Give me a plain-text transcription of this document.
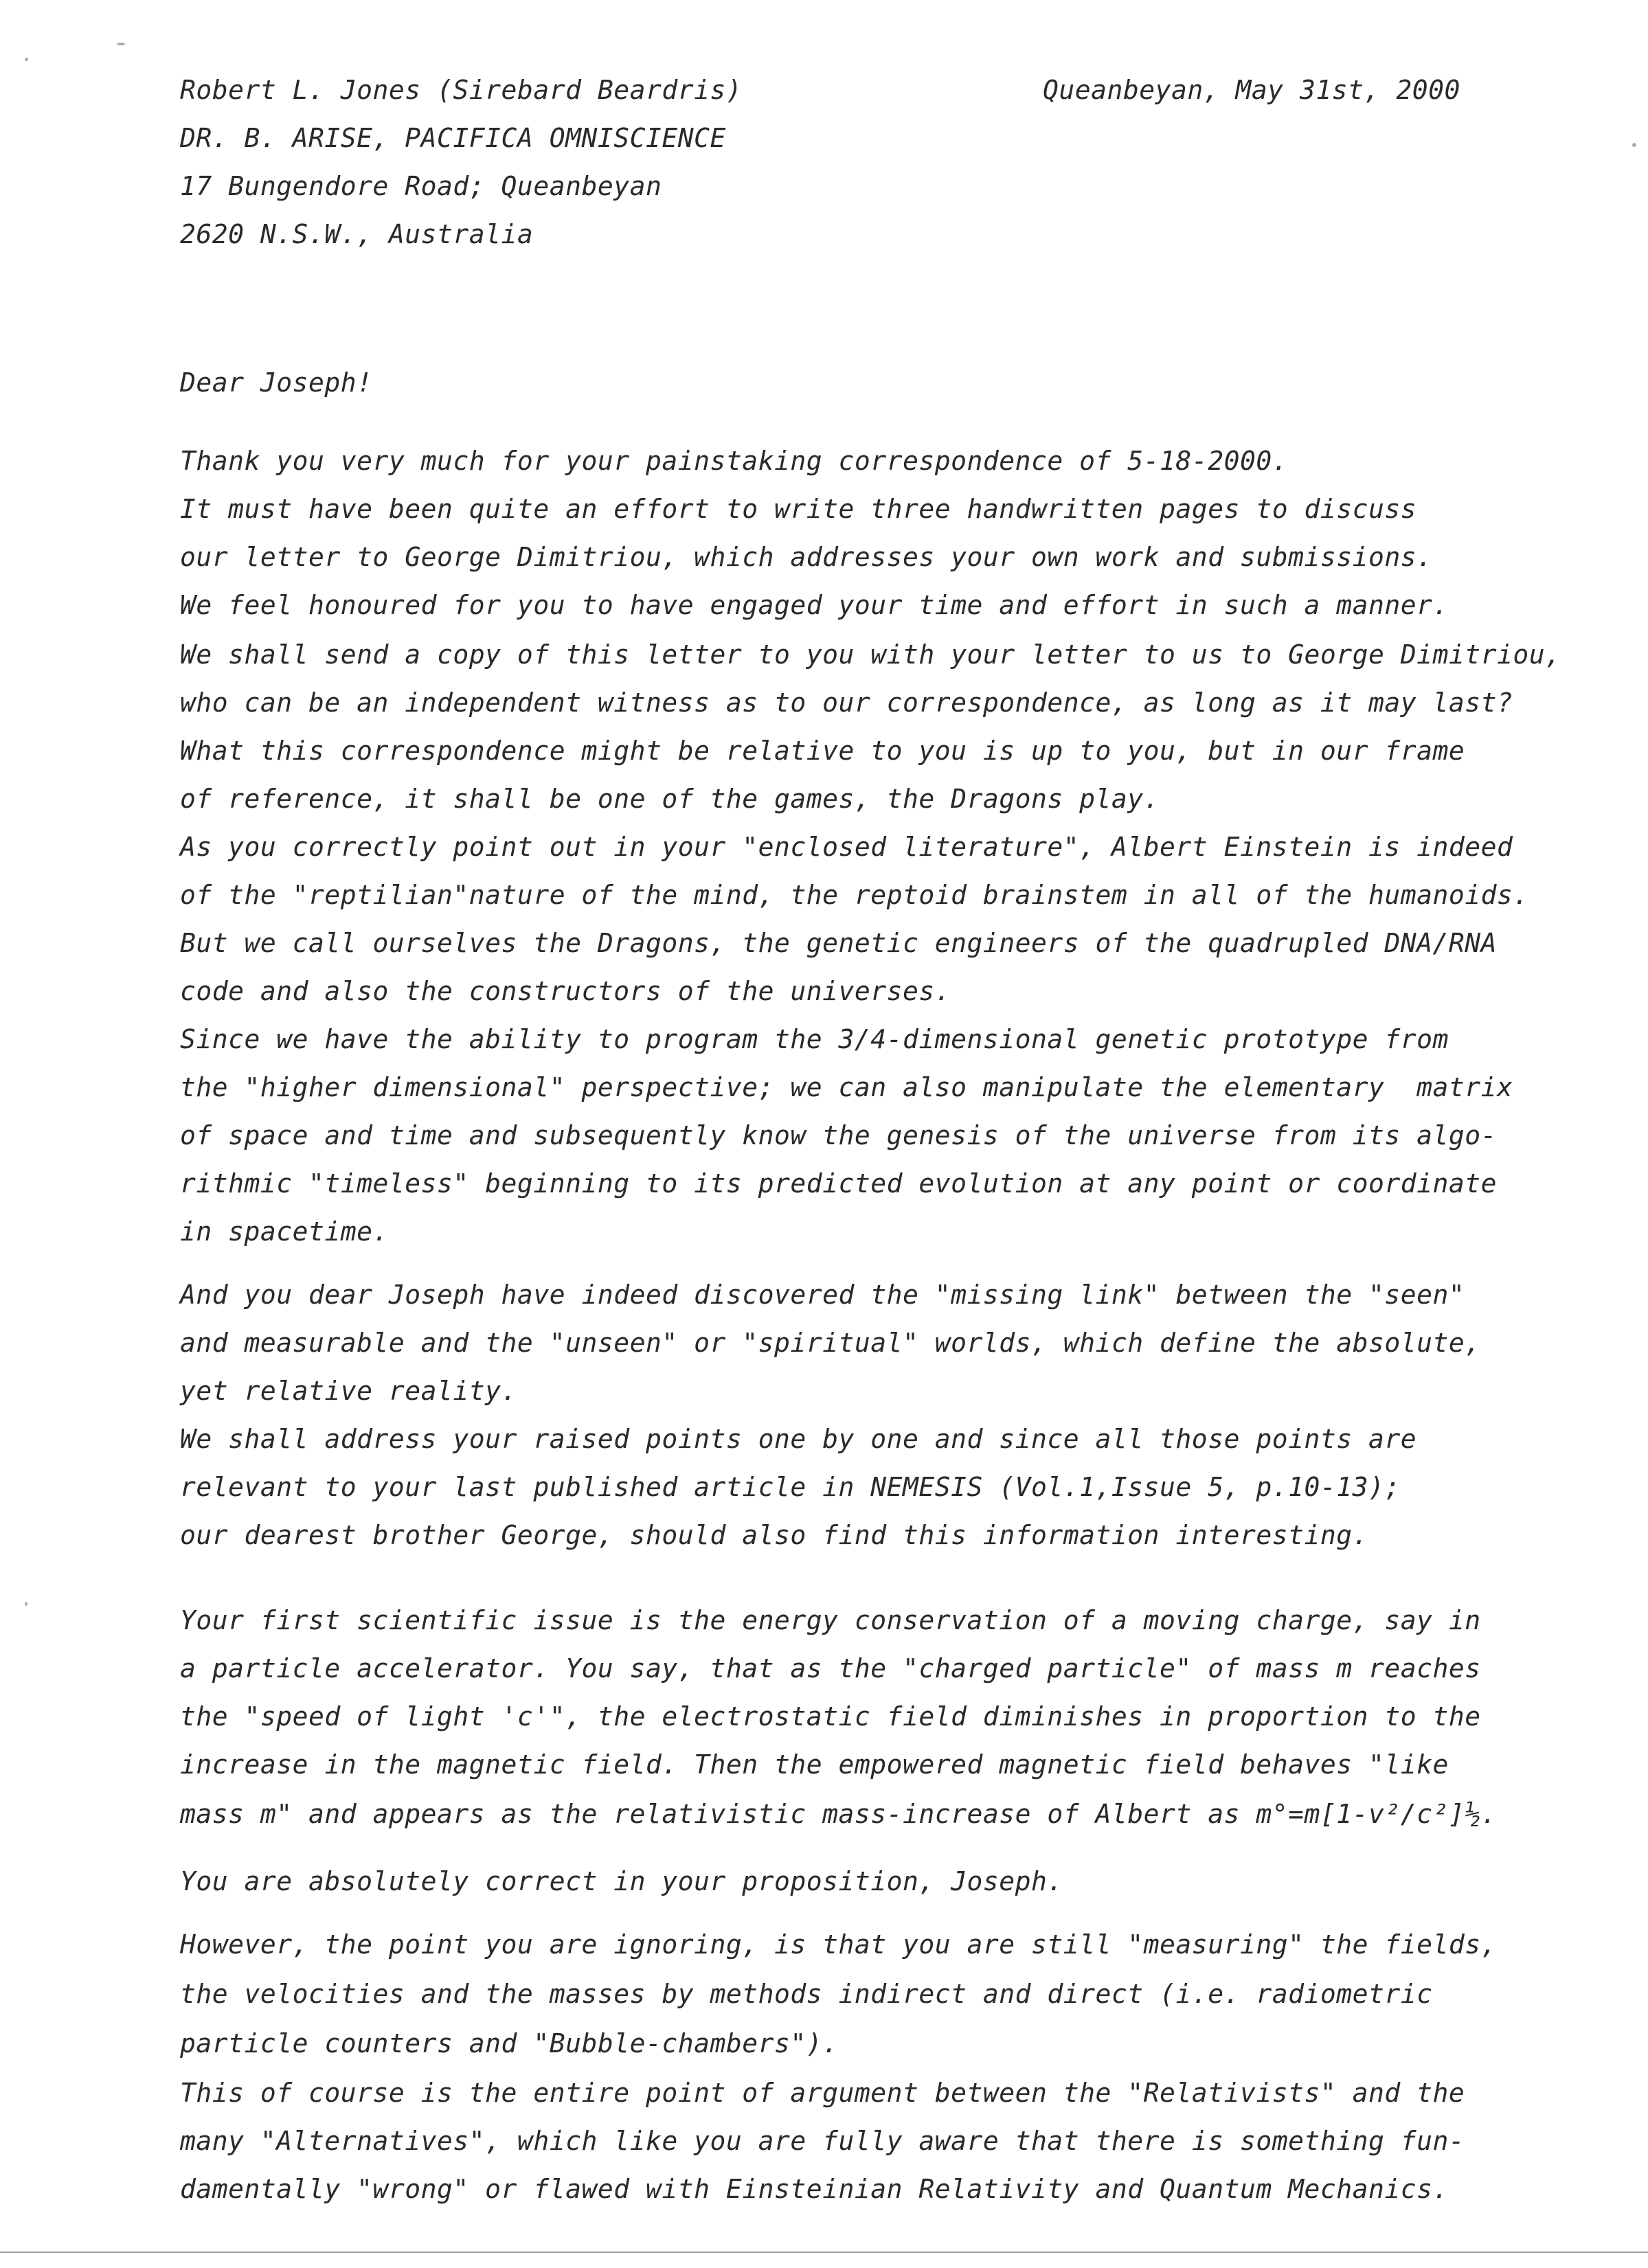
Robert L. Jones (Sirebard Beardris)
DR. B. ARISE, PACIFICA OMNISCIENCE
17 Bungendore Road; Queanbeyan
2620 N.S.W., Australia
Queanbeyan, May 31st, 2000
Dear Joseph!
Thank you very much for your painstaking correspondence of 5-18-2000.
It must have been quite an effort to write three handwritten pages to discuss
our letter to George Dimitriou, which addresses your own work and submissions.
We feel honoured for you to have engaged your time and effort in such a manner.
We shall send a copy of this letter to you with your letter to us to George Dimitriou,
who can be an independent witness as to our correspondence, as long as it may last?
What this correspondence might be relative to you is up to you, but in our frame
of reference, it shall be one of the games, the Dragons play.
As you correctly point out in your "enclosed literature", Albert Einstein is indeed
of the "reptilian"nature of the mind, the reptoid brainstem in all of the humanoids.
But we call ourselves the Dragons, the genetic engineers of the quadrupled DNA/RNA
code and also the constructors of the universes.
Since we have the ability to program the 3/4-dimensional genetic prototype from
the "higher dimensional" perspective; we can also manipulate the elementary  matrix
of space and time and subsequently know the genesis of the universe from its algo-
rithmic "timeless" beginning to its predicted evolution at any point or coordinate
in spacetime.
And you dear Joseph have indeed discovered the "missing link" between the "seen"
and measurable and the "unseen" or "spiritual" worlds, which define the absolute,
yet relative reality.
We shall address your raised points one by one and since all those points are
relevant to your last published article in NEMESIS (Vol.1,Issue 5, p.10-13);
our dearest brother George, should also find this information interesting.
Your first scientific issue is the energy conservation of a moving charge, say in
a particle accelerator. You say, that as the "charged particle" of mass m reaches
the "speed of light 'c'", the electrostatic field diminishes in proportion to the
increase in the magnetic field. Then the empowered magnetic field behaves "like
mass m" and appears as the relativistic mass-increase of Albert as m°=m[1-v²/c²]½.
You are absolutely correct in your proposition, Joseph.
However, the point you are ignoring, is that you are still "measuring" the fields,
the velocities and the masses by methods indirect and direct (i.e. radiometric
particle counters and "Bubble-chambers").
This of course is the entire point of argument between the "Relativists" and the
many "Alternatives", which like you are fully aware that there is something fun-
damentally "wrong" or flawed with Einsteinian Relativity and Quantum Mechanics.
